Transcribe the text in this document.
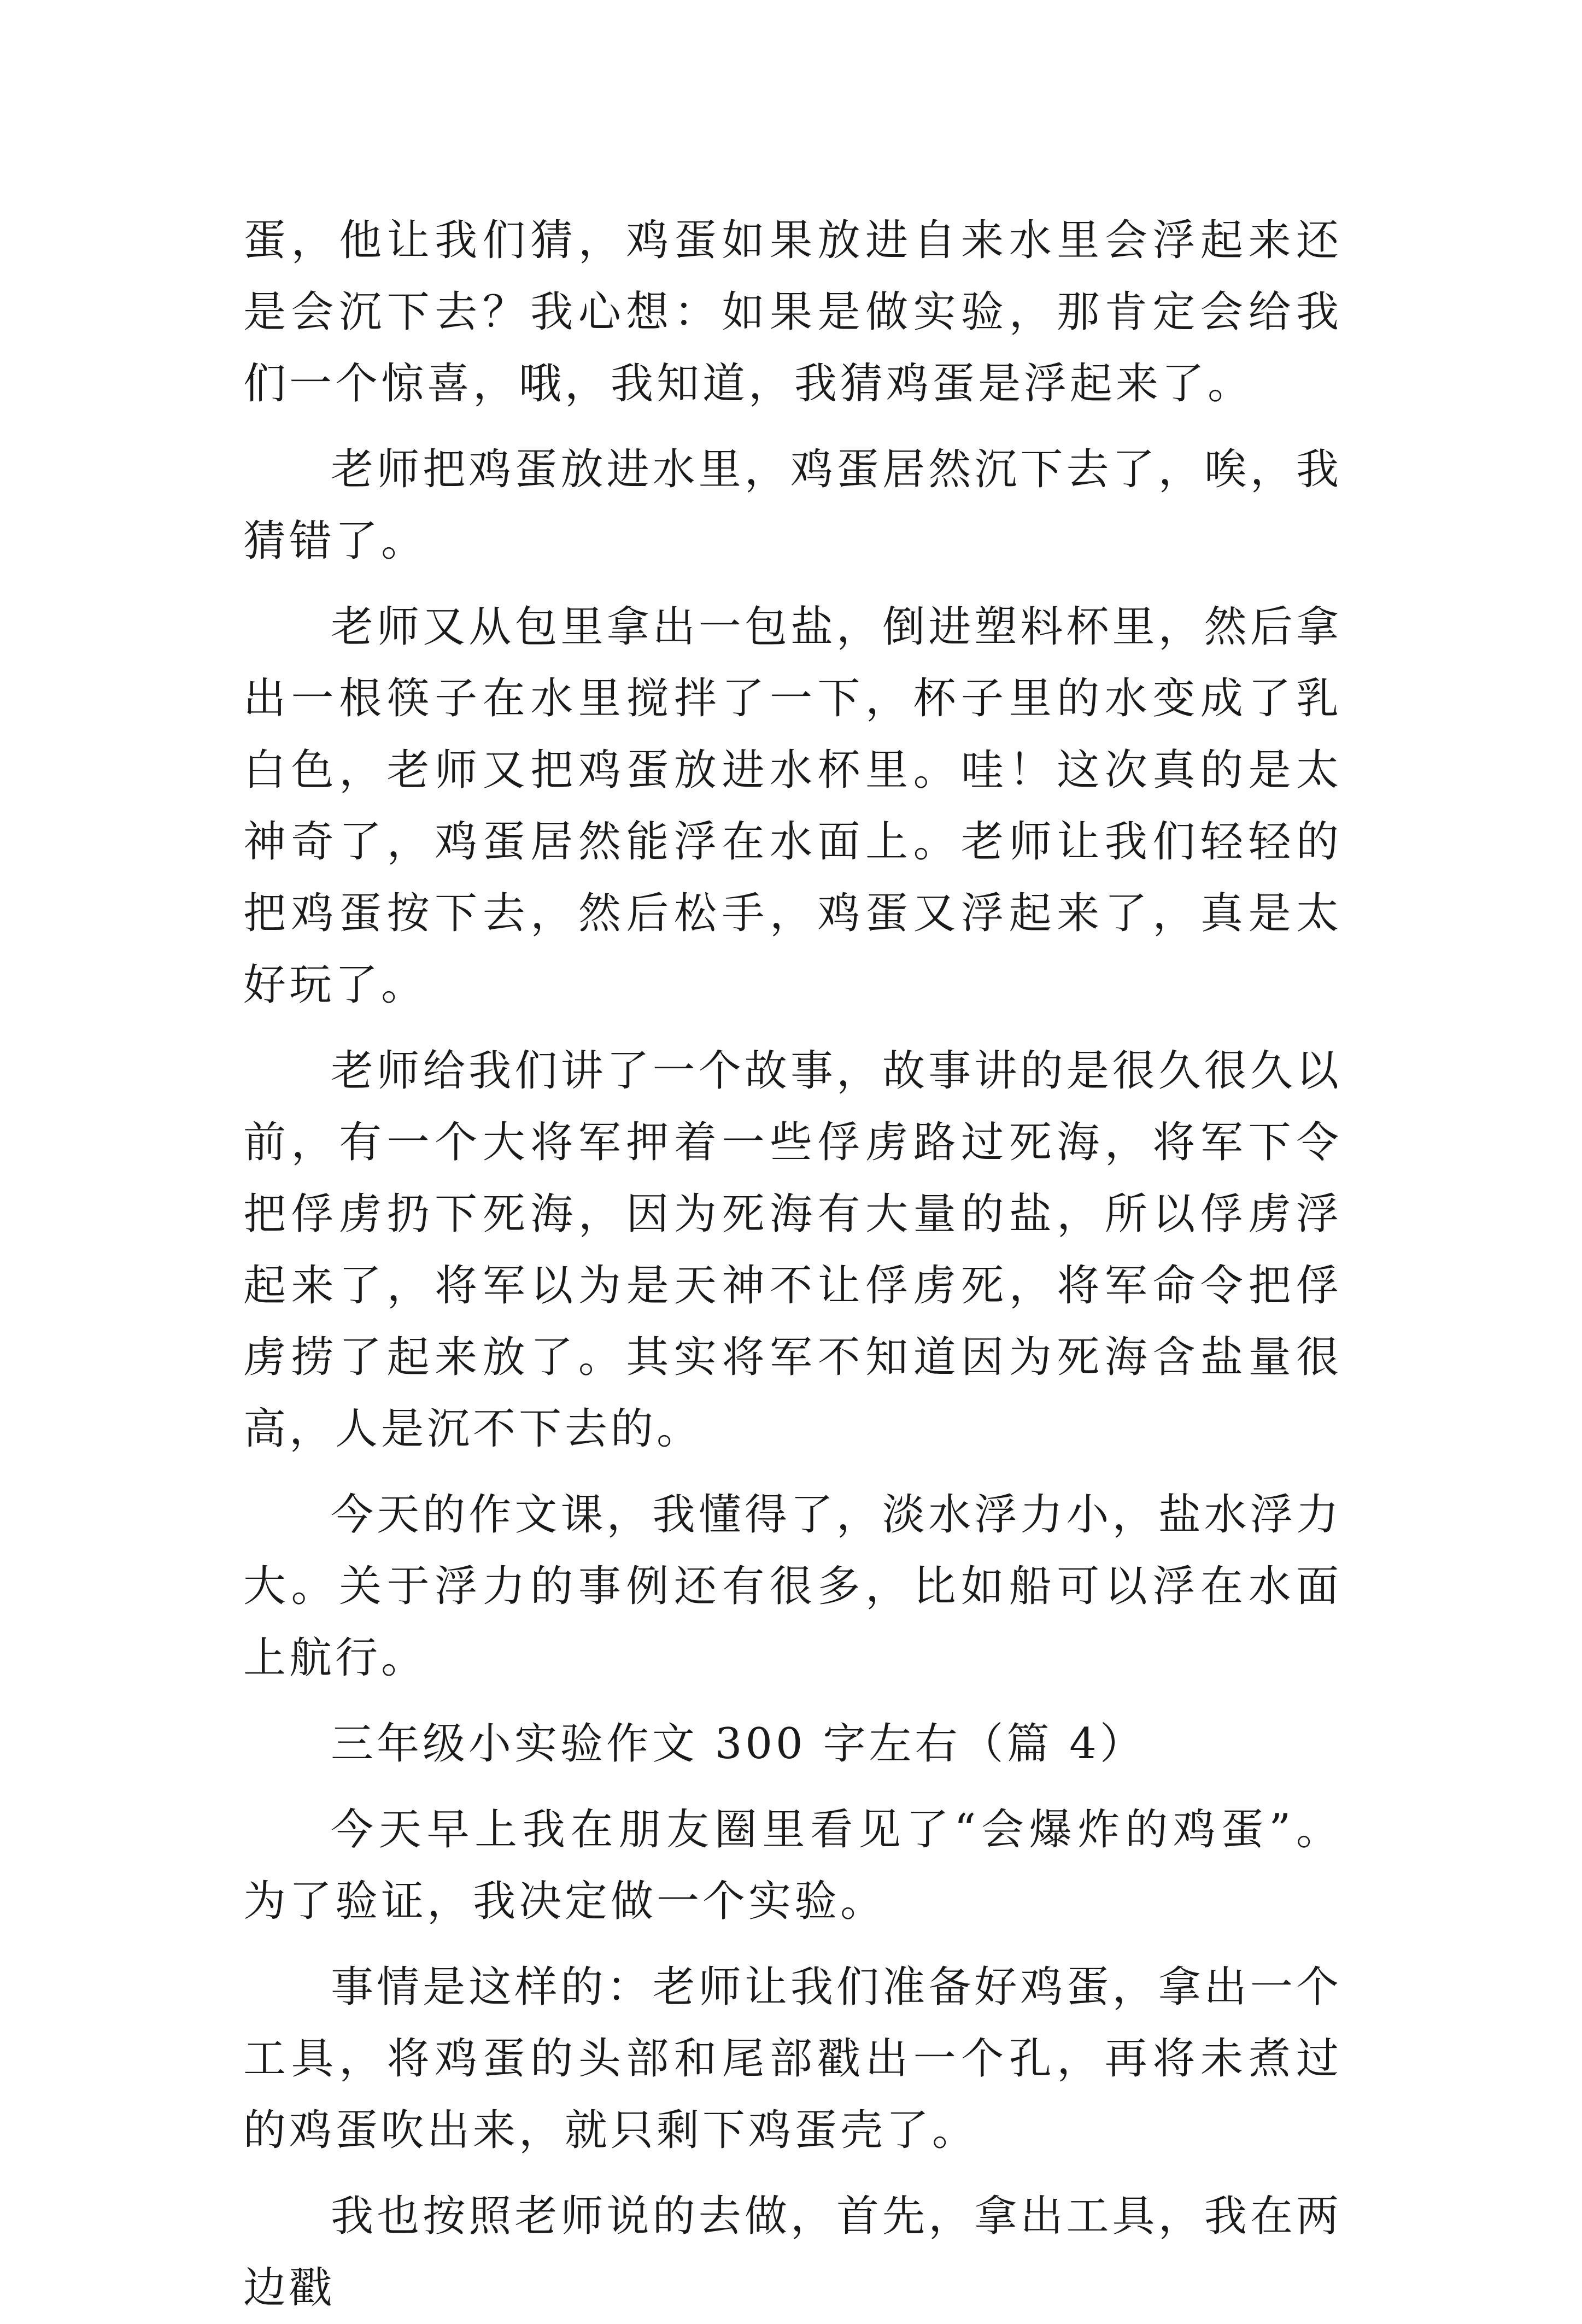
蛋，他让我们猜，鸡蛋如果放进自来水里会浮起来还是会沉下去？我心想：如果是做实验，那肯定会给我们一个惊喜，哦，我知道，我猜鸡蛋是浮起来了。

老师把鸡蛋放进水里，鸡蛋居然沉下去了，唉，我猜错了。

老师又从包里拿出一包盐，倒进塑料杯里，然后拿出一根筷子在水里搅拌了一下，杯子里的水变成了乳白色，老师又把鸡蛋放进水杯里。哇！这次真的是太神奇了，鸡蛋居然能浮在水面上。老师让我们轻轻的把鸡蛋按下去，然后松手，鸡蛋又浮起来了，真是太好玩了。

老师给我们讲了一个故事，故事讲的是很久很久以前，有一个大将军押着一些俘虏路过死海，将军下令把俘虏扔下死海，因为死海有大量的盐，所以俘虏浮起来了，将军以为是天神不让俘虏死，将军命令把俘虏捞了起来放了。其实将军不知道因为死海含盐量很高，人是沉不下去的。

今天的作文课，我懂得了，淡水浮力小，盐水浮力大。关于浮力的事例还有很多，比如船可以浮在水面上航行。

三年级小实验作文 300 字左右（篇 4）

今天早上我在朋友圈里看见了“会爆炸的鸡蛋”。为了验证，我决定做一个实验。

事情是这样的：老师让我们准备好鸡蛋，拿出一个工具，将鸡蛋的头部和尾部戳出一个孔，再将未煮过的鸡蛋吹出来，就只剩下鸡蛋壳了。

我也按照老师说的去做，首先，拿出工具，我在两边戳
